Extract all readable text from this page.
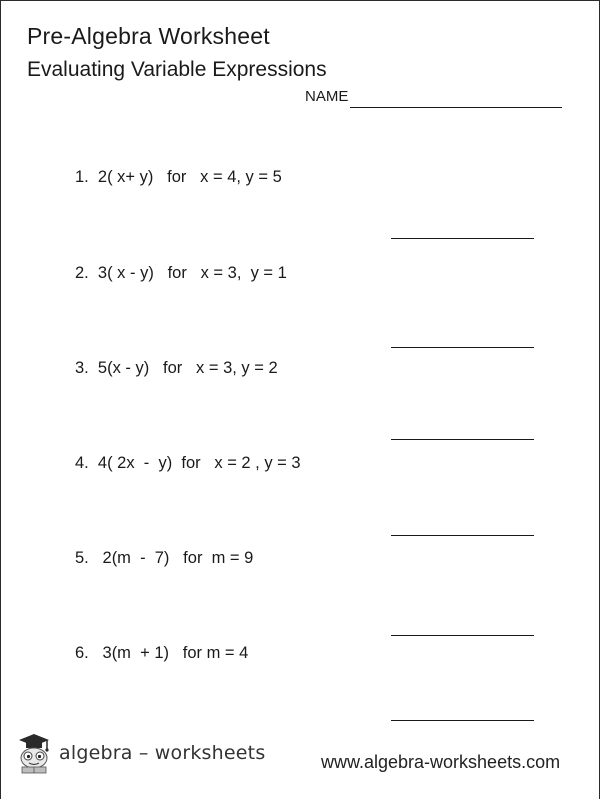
Pre-Algebra Worksheet
Evaluating Variable Expressions
NAME
1.  2( x+ y)   for   x = 4, y = 5
2.  3( x - y)   for   x = 3,  y = 1
3.  5(x - y)   for   x = 3, y = 2
4.  4( 2x  -  y)  for   x = 2 , y = 3
5.   2(m  -  7)   for  m = 9
6.   3(m  + 1)   for m = 4
algebra – worksheets	www.algebra-worksheets.com
